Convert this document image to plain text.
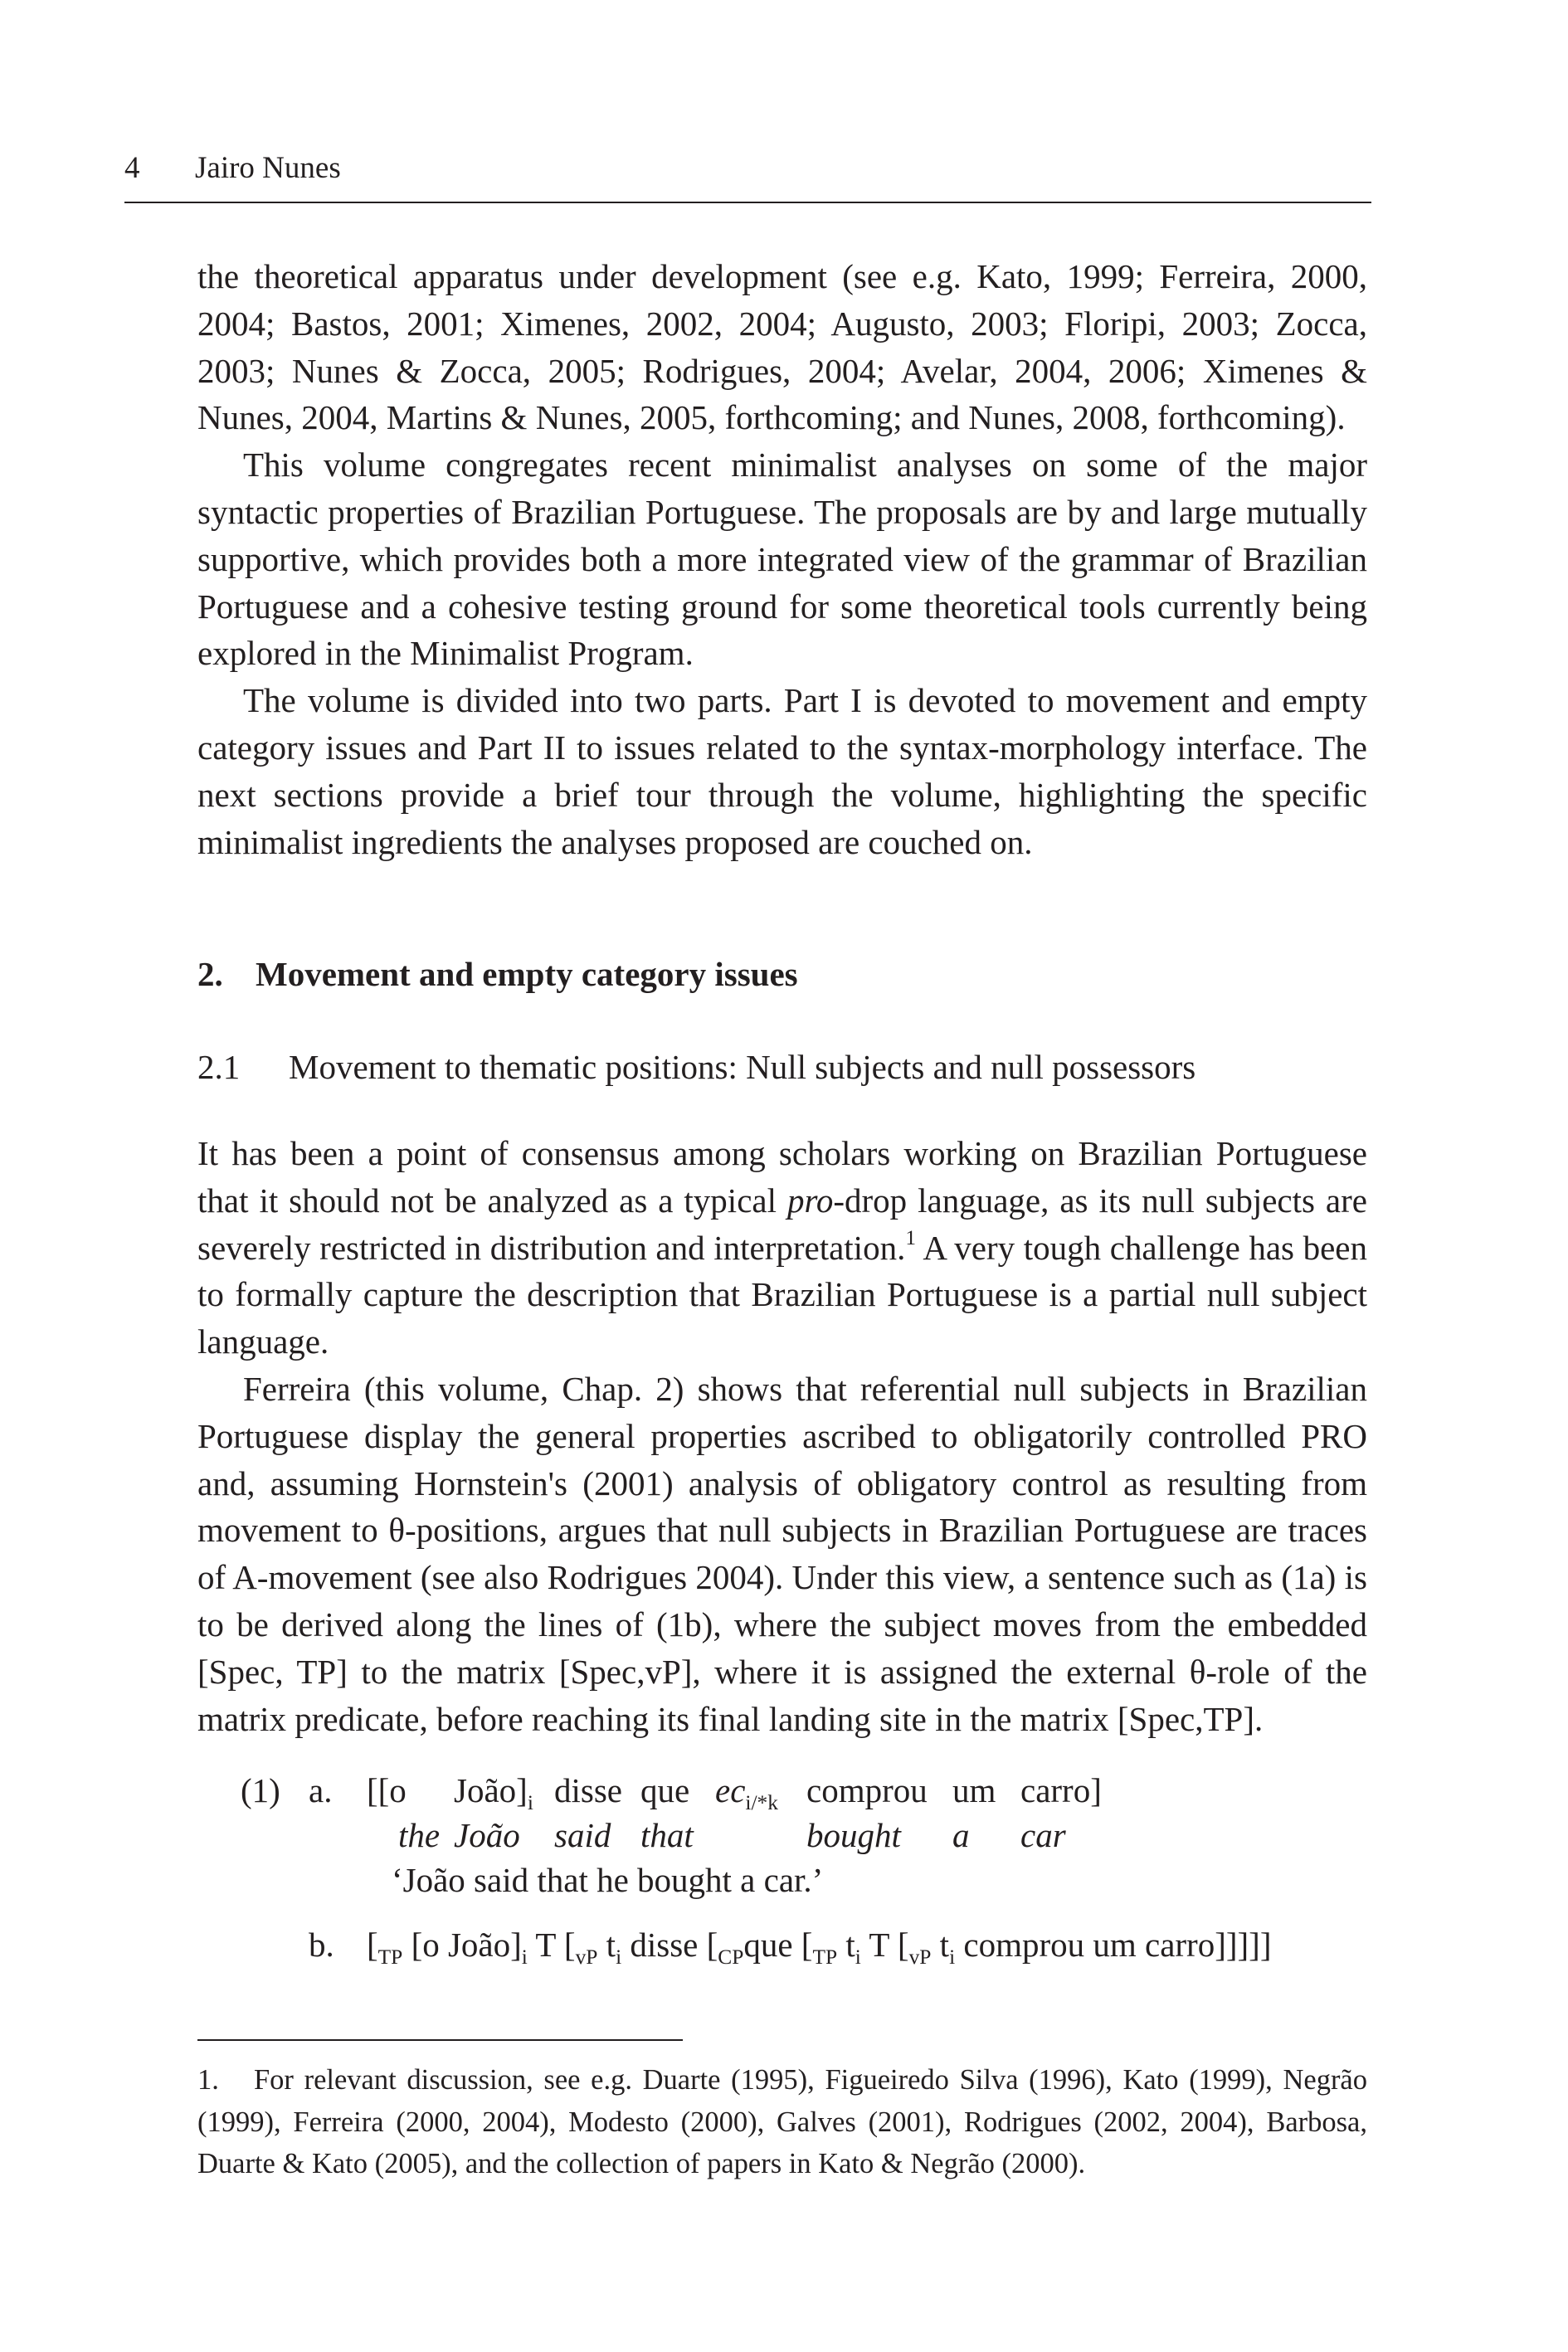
4 Jairo Nunes

the theoretical apparatus under development (see e.g. Kato, 1999; Ferreira, 2000, 2004; Bastos, 2001; Ximenes, 2002, 2004; Augusto, 2003; Floripi, 2003; Zocca, 2003; Nunes & Zocca, 2005; Rodrigues, 2004; Avelar, 2004, 2006; Ximenes & Nunes, 2004, Martins & Nunes, 2005, forthcoming; and Nunes, 2008, forthcoming).

This volume congregates recent minimalist analyses on some of the major syntactic properties of Brazilian Portuguese. The proposals are by and large mutually supportive, which provides both a more integrated view of the grammar of Brazilian Portuguese and a cohesive testing ground for some theoretical tools currently being explored in the Minimalist Program.

The volume is divided into two parts. Part I is devoted to movement and empty category issues and Part II to issues related to the syntax-morphology interface. The next sections provide a brief tour through the volume, highlighting the specific minimalist ingredients the analyses proposed are couched on.

2. Movement and empty category issues
2.1 Movement to thematic positions: Null subjects and null possessors

It has been a point of consensus among scholars working on Brazilian Portuguese that it should not be analyzed as a typical pro-drop language, as its null subjects are severely restricted in distribution and interpretation.$^1$ A very tough challenge has been to formally capture the description that Brazilian Portuguese is a partial null subject language.

Ferreira (this volume, Chap. 2) shows that referential null subjects in Brazilian Portuguese display the general properties ascribed to obligatorily controlled PRO and, assuming Hornstein's (2001) analysis of obligatory control as resulting from movement to θ-positions, argues that null subjects in Brazilian Portuguese are traces of A-movement (see also Rodrigues 2004). Under this view, a sentence such as (1a) is to be derived along the lines of (1b), where the subject moves from the embedded [Spec, TP] to the matrix [Spec,vP], where it is assigned the external θ-role of the matrix predicate, before reaching its final landing site in the matrix [Spec,TP].

(1) a. [[o $João]_i$ disse que $ec_{i/*k}$ comprou um carro]
the João said that	bought a car
‘João said that he bought a car.’
b. [$_{TP}$ [o $João]_i$ T [$_{vP}$ $t_i$ disse [$_{CP}que$ [$_{TP}$ $t_i$ T [$_{vP}$ $t_i$ comprou um carro]]]]]

1. For relevant discussion, see e.g. Duarte (1995), Figueiredo Silva (1996), Kato (1999), Negrão (1999), Ferreira (2000, 2004), Modesto (2000), Galves (2001), Rodrigues (2002, 2004), Barbosa, Duarte & Kato (2005), and the collection of papers in Kato & Negrão (2000).
